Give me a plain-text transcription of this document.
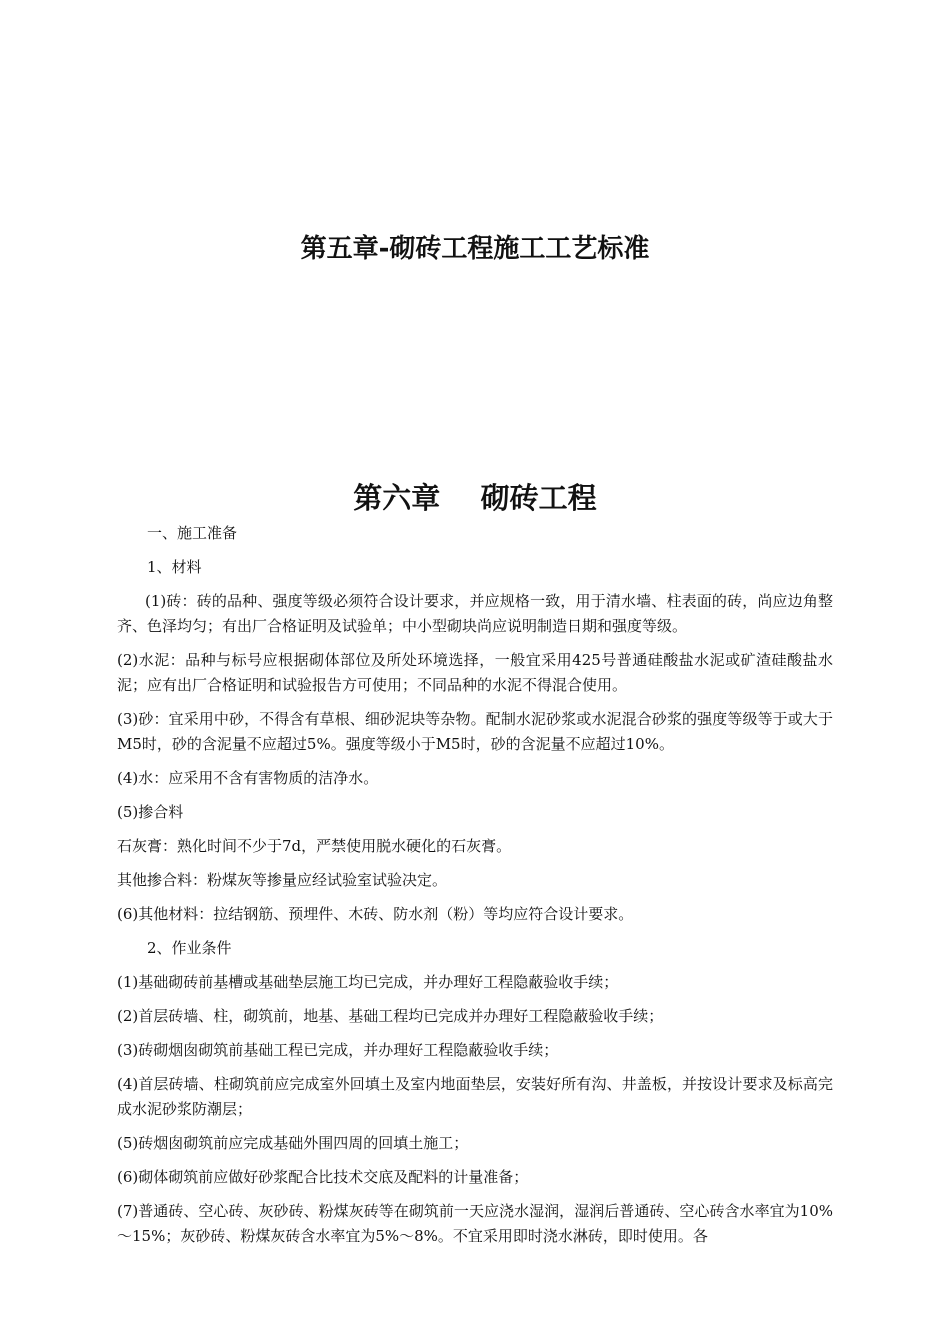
第五章-砌砖工程施工工艺标准
第六章    砌砖工程

一、施工准备

1、材料

(1)砖：砖的品种、强度等级必须符合设计要求，并应规格一致，用于清水墙、柱表面的砖，尚应边角整齐、色泽均匀；有出厂合格证明及试验单；中小型砌块尚应说明制造日期和强度等级。

(2)水泥：品种与标号应根据砌体部位及所处环境选择，一般宜采用425号普通硅酸盐水泥或矿渣硅酸盐水泥；应有出厂合格证明和试验报告方可使用；不同品种的水泥不得混合使用。

(3)砂：宜采用中砂，不得含有草根、细砂泥块等杂物。配制水泥砂浆或水泥混合砂浆的强度等级等于或大于M5时，砂的含泥量不应超过5%。强度等级小于M5时，砂的含泥量不应超过10%。

(4)水：应采用不含有害物质的洁净水。

(5)掺合料

石灰膏：熟化时间不少于7d，严禁使用脱水硬化的石灰膏。

其他掺合料：粉煤灰等掺量应经试验室试验决定。

(6)其他材料：拉结钢筋、预埋件、木砖、防水剂（粉）等均应符合设计要求。

2、作业条件

(1)基础砌砖前基槽或基础垫层施工均已完成，并办理好工程隐蔽验收手续；

(2)首层砖墙、柱，砌筑前，地基、基础工程均已完成并办理好工程隐蔽验收手续；

(3)砖砌烟囱砌筑前基础工程已完成，并办理好工程隐蔽验收手续；

(4)首层砖墙、柱砌筑前应完成室外回填土及室内地面垫层，安装好所有沟、井盖板，并按设计要求及标高完成水泥砂浆防潮层；

(5)砖烟囱砌筑前应完成基础外围四周的回填土施工；

(6)砌体砌筑前应做好砂浆配合比技术交底及配料的计量准备；

(7)普通砖、空心砖、灰砂砖、粉煤灰砖等在砌筑前一天应浇水湿润，湿润后普通砖、空心砖含水率宜为10%～15%；灰砂砖、粉煤灰砖含水率宜为5%～8%。不宜采用即时浇水淋砖，即时使用。各
